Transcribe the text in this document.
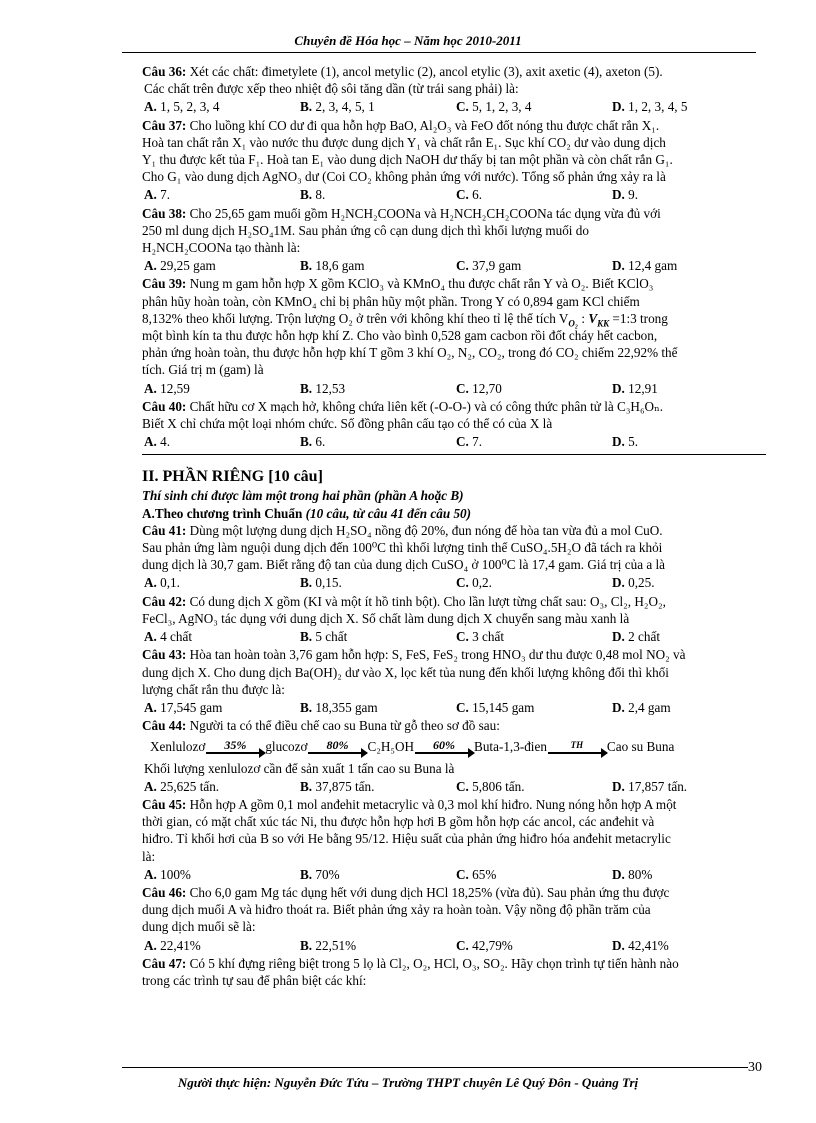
Chuyên đề Hóa học – Năm học 2010-2011
Câu 36: Xét các chất: đimetylete (1), ancol metylic (2), ancol etylic (3), axit axetic (4), axeton (5).
Các chất trên được xếp theo nhiệt độ sôi tăng dần (từ trái sang phải) là:
A. 1, 5, 2, 3, 4	B. 2, 3, 4, 5, 1	C. 5, 1, 2, 3, 4	D. 1, 2, 3, 4, 5
Câu 37: Cho luồng khí CO dư đi qua hỗn hợp BaO, Al₂O₃ và FeO đốt nóng thu được chất rắn X₁.
Hoà tan chất rắn X₁ vào nước thu được dung dịch Y₁ và chất rắn E₁. Sục khí CO₂ dư vào dung dịch
Y₁ thu được kết tủa F₁. Hoà tan E₁ vào dung dịch NaOH dư thấy bị tan một phần và còn chất rắn G₁.
Cho G₁ vào dung dịch AgNO₃ dư (Coi CO₂ không phản ứng với nước). Tổng số phản ứng xảy ra là
A. 7.	B. 8.	C. 6.	D. 9.
Câu 38: Cho 25,65 gam muối gồm H₂NCH₂COONa và H₂NCH₂CH₂COONa tác dụng vừa đủ với
250 ml dung dịch H₂SO₄1M. Sau phản ứng cô cạn dung dịch thì khối lượng muối do
H₂NCH₂COONa tạo thành là:
A. 29,25 gam	B. 18,6 gam	C. 37,9 gam	D. 12,4 gam
Câu 39: Nung m gam hỗn hợp X gồm KClO₃ và KMnO₄ thu được chất rắn Y và O₂. Biết KClO₃
phân hũy hoàn toàn, còn KMnO₄ chỉ bị phân hũy một phần. Trong Y có 0,894 gam KCl chiếm
8,132% theo khối lượng. Trộn lượng O₂ ở trên với không khí theo tỉ lệ thể tích $V_{O_2}$ : $V_{KK}$ =1:3 trong
một bình kín ta thu được hỗn hợp khí Z. Cho vào bình 0,528 gam cacbon rồi đốt cháy hết cacbon,
phản ứng hoàn toàn, thu được hỗn hợp khí T gồm 3 khí O₂, N₂, CO₂, trong đó CO₂ chiếm 22,92% thể
tích. Giá trị m (gam) là
A. 12,59	B. 12,53	C. 12,70	D. 12,91
Câu 40: Chất hữu cơ X mạch hở, không chứa liên kết (-O-O-) và có công thức phân tử là C₃H₆Oₙ.
Biết X chỉ chứa một loại nhóm chức. Số đồng phân cấu tạo có thể có của X là
A. 4.	B. 6.	C. 7.	D. 5.
II. PHẦN RIÊNG [10 câu]
Thí sinh chỉ được làm một trong hai phần (phần A hoặc B)
A.Theo chương trình Chuẩn (10 câu, từ câu 41 đến câu 50)
Câu 41: Dùng một lượng dung dịch H₂SO₄ nồng độ 20%, đun nóng để hòa tan vừa đủ a mol CuO.
Sau phản ứng làm nguội dung dịch đến 100⁰C thì khối lượng tinh thể CuSO₄.5H₂O đã tách ra khỏi
dung dịch là 30,7 gam. Biết rằng độ tan của dung dịch CuSO₄ ở 100⁰C là 17,4 gam. Giá trị của a là
A. 0,1.	B. 0,15.	C. 0,2.	D. 0,25.
Câu 42: Có dung dịch X gồm (KI và một ít hồ tinh bột). Cho lần lượt từng chất sau: O₃, Cl₂, H₂O₂,
FeCl₃, AgNO₃ tác dụng với dung dịch X. Số chất làm dung dịch X chuyển sang màu xanh là
A. 4 chất	B. 5 chất	C. 3 chất	D. 2 chất
Câu 43: Hòa tan hoàn toàn 3,76 gam hỗn hợp: S, FeS, FeS₂ trong HNO₃ dư thu được 0,48 mol NO₂ và
dung dịch X. Cho dung dịch Ba(OH)₂ dư vào X, lọc kết tủa nung đến khối lượng không đổi thì khối
lượng chất rắn thu được là:
A. 17,545 gam	B. 18,355 gam	C. 15,145 gam	D. 2,4 gam
Câu 44: Người ta có thể điều chế cao su Buna từ gỗ theo sơ đồ sau:
Xenlulozơ 35% glucozơ 80% C₂H₅OH 60% Buta-1,3-đien	TH Cao su Buna
Khối lượng xenlulozơ cần để sản xuất 1 tấn cao su Buna là
A. 25,625 tấn.	B. 37,875 tấn.	C. 5,806 tấn.	D. 17,857 tấn.
Câu 45: Hỗn hợp A gồm 0,1 mol anđehit metacrylic và 0,3 mol khí hiđro. Nung nóng hỗn hợp A một
thời gian, có mặt chất xúc tác Ni, thu được hỗn hợp hơi B gồm hỗn hợp các ancol, các anđehit và
hiđro. Tỉ khối hơi của B so với He bằng 95/12. Hiệu suất của phản ứng hiđro hóa anđehit metacrylic
là:
A. 100%	B. 70%	C. 65%	D. 80%
Câu 46: Cho 6,0 gam Mg tác dụng hết với dung dịch HCl 18,25% (vừa đủ). Sau phản ứng thu được
dung dịch muối A và hiđro thoát ra. Biết phản ứng xảy ra hoàn toàn. Vậy nồng độ phần trăm của
dung dịch muối sẽ là:
A. 22,41%	B. 22,51%	C. 42,79%	D. 42,41%
Câu 47: Có 5 khí đựng riêng biệt trong 5 lọ là Cl₂, O₂, HCl, O₃, SO₂. Hãy chọn trình tự tiến hành nào
trong các trình tự sau để phân biệt các khí:
30
Người thực hiện: Nguyễn Đức Tứu – Trường THPT chuyên Lê Quý Đôn - Quảng Trị
